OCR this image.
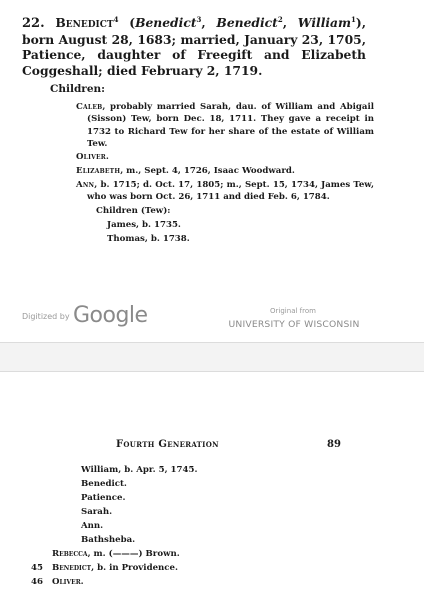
22. Benedict$^4$ (Benedict$^3$, Benedict$^2$, William$^1$), born August 28, 1683; married, January 23, 1705, Patience, daughter of Freegift and Elizabeth Coggeshall; died February 2, 1719.
Children:
Caleb, probably married Sarah, dau. of William and Abigail (Sisson) Tew, born Dec. 18, 1711. They gave a receipt in 1732 to Richard Tew for her share of the estate of William Tew.
Oliver.
Elizabeth, m., Sept. 4, 1726, Isaac Woodward.
Ann, b. 1715; d. Oct. 17, 1805; m., Sept. 15, 1734, James Tew, who was born Oct. 26, 1711 and died Feb. 6, 1784.
Children (Tew):
James, b. 1735.
Thomas, b. 1738.
Digitized by Google	Original from
UNIVERSITY OF WISCONSIN
Fourth Generation	89
William, b. Apr. 5, 1745.
Benedict.
Patience.
Sarah.
Ann.
Bathsheba.
Rebecca, m. (———) Brown.
45 Benedict, b. in Providence.
46 Oliver.
